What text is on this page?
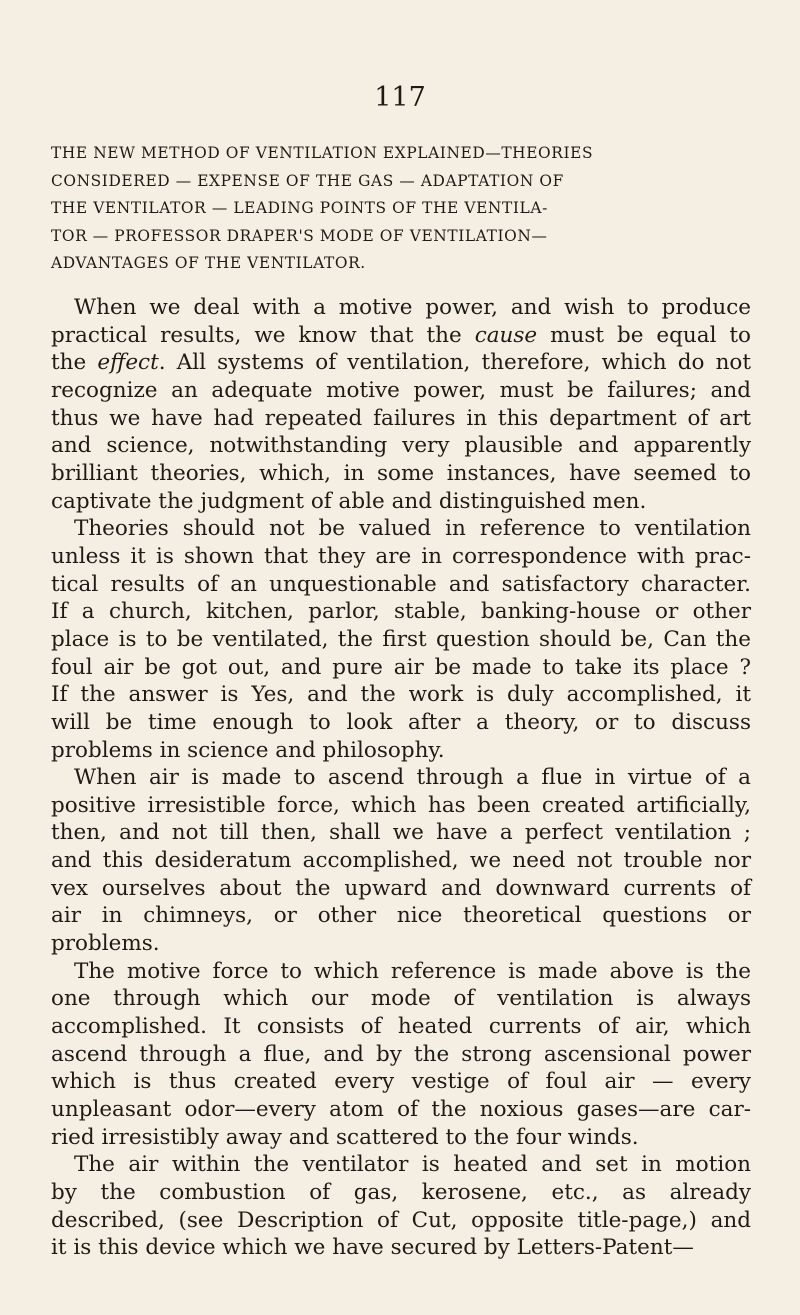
117
THE NEW METHOD OF VENTILATION EXPLAINED—THEORIES
CONSIDERED — EXPENSE OF THE GAS — ADAPTATION OF
THE VENTILATOR — LEADING POINTS OF THE VENTILA-
TOR — PROFESSOR DRAPER'S MODE OF VENTILATION—
ADVANTAGES OF THE VENTILATOR.
When we deal with a motive power, and wish to produce
practical results, we know that the cause must be equal to
the effect. All systems of ventilation, therefore, which do not
recognize an adequate motive power, must be failures; and
thus we have had repeated failures in this department of art
and science, notwithstanding very plausible and apparently
brilliant theories, which, in some instances, have seemed to
captivate the judgment of able and distinguished men.
Theories should not be valued in reference to ventilation
unless it is shown that they are in correspondence with prac-
tical results of an unquestionable and satisfactory character.
If a church, kitchen, parlor, stable, banking-house or other
place is to be ventilated, the first question should be, Can the
foul air be got out, and pure air be made to take its place ?
If the answer is Yes, and the work is duly accomplished, it
will be time enough to look after a theory, or to discuss
problems in science and philosophy.
When air is made to ascend through a flue in virtue of a
positive irresistible force, which has been created artificially,
then, and not till then, shall we have a perfect ventilation ;
and this desideratum accomplished, we need not trouble nor
vex ourselves about the upward and downward currents of
air in chimneys, or other nice theoretical questions or
problems.
The motive force to which reference is made above is the
one through which our mode of ventilation is always
accomplished. It consists of heated currents of air, which
ascend through a flue, and by the strong ascensional power
which is thus created every vestige of foul air — every
unpleasant odor—every atom of the noxious gases—are car-
ried irresistibly away and scattered to the four winds.
The air within the ventilator is heated and set in motion
by the combustion of gas, kerosene, etc., as already
described, (see Description of Cut, opposite title-page,) and
it is this device which we have secured by Letters-Patent—
